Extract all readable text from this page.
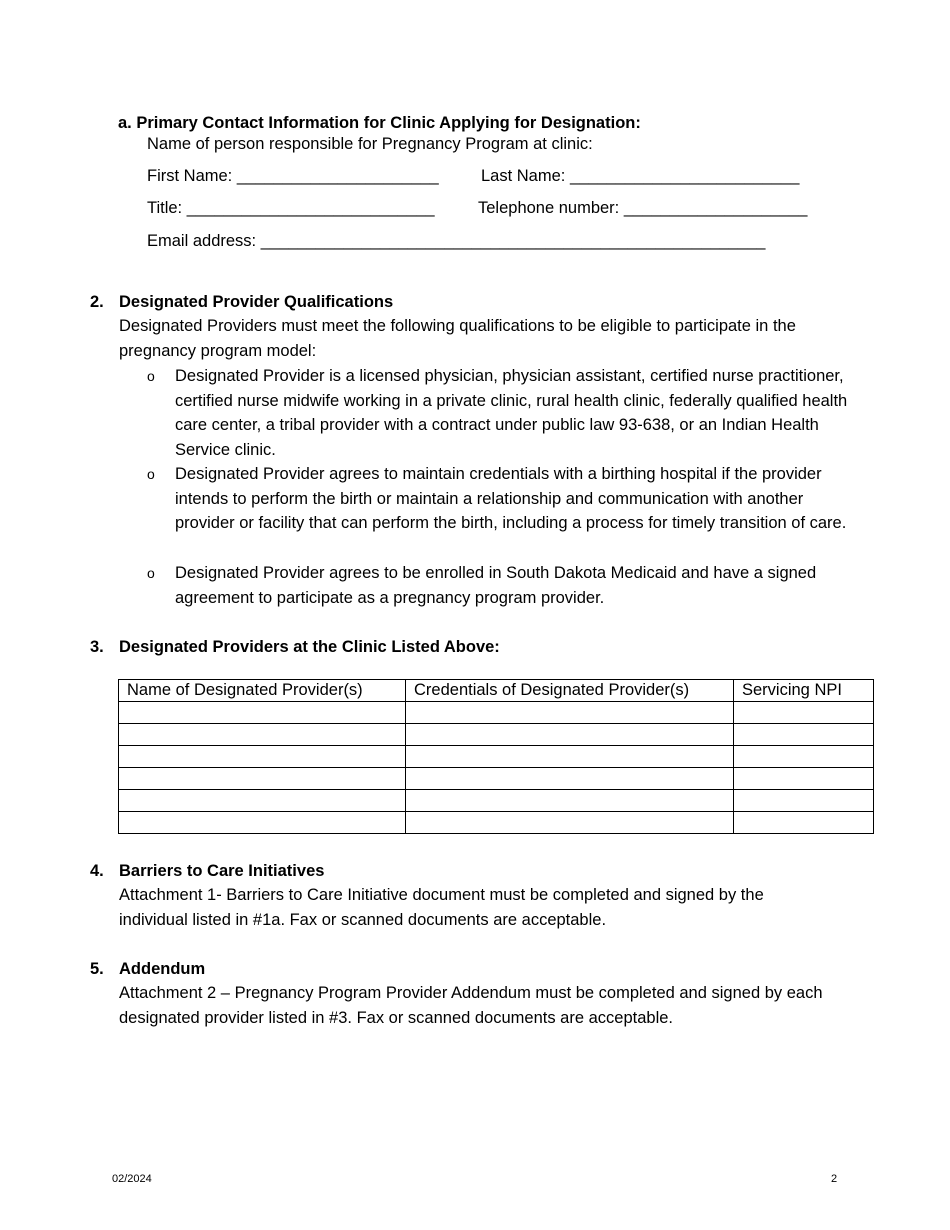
a. Primary Contact Information for Clinic Applying for Designation:
Name of person responsible for Pregnancy Program at clinic:
First Name: ______________________	Last Name: _________________________
Title: ___________________________	Telephone number: ____________________
Email address: _______________________________________________________
2. Designated Provider Qualifications
Designated Providers must meet the following qualifications to be eligible to participate in the pregnancy program model:
o Designated Provider is a licensed physician, physician assistant, certified nurse practitioner, certified nurse midwife working in a private clinic, rural health clinic, federally qualified health care center, a tribal provider with a contract under public law 93-638, or an Indian Health Service clinic.
o Designated Provider agrees to maintain credentials with a birthing hospital if the provider intends to perform the birth or maintain a relationship and communication with another provider or facility that can perform the birth, including a process for timely transition of care.
o Designated Provider agrees to be enrolled in South Dakota Medicaid and have a signed agreement to participate as a pregnancy program provider.
3. Designated Providers at the Clinic Listed Above:
Name of Designated Provider(s)	Credentials of Designated Provider(s)	Servicing NPI

4. Barriers to Care Initiatives
Attachment 1- Barriers to Care Initiative document must be completed and signed by the individual listed in #1a. Fax or scanned documents are acceptable.
5. Addendum
Attachment 2 – Pregnancy Program Provider Addendum must be completed and signed by each designated provider listed in #3. Fax or scanned documents are acceptable.
02/2024	2
